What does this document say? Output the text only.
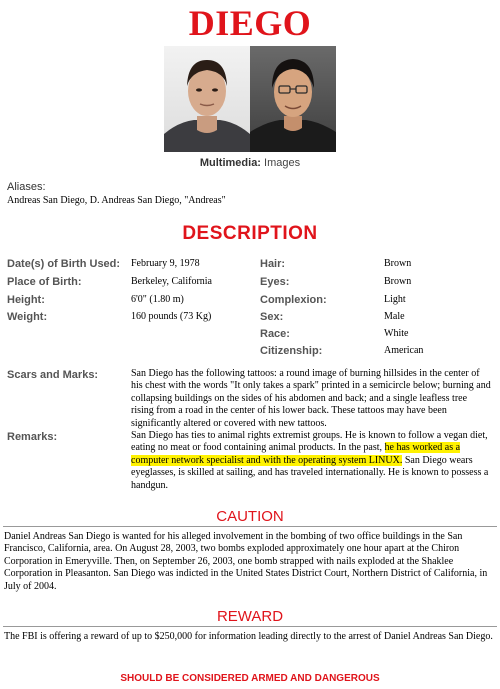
DIEGO
Multimedia: Images
Aliases:
Andreas San Diego, D. Andreas San Diego, "Andreas"
DESCRIPTION
Date(s) of Birth Used: February 9, 1978
Place of Birth:	Berkeley, California
Height:	6'0" (1.80 m)
Weight:	160 pounds (73 Kg)
Hair:	Brown
Eyes:	Brown
Complexion:	Light
Sex:	Male
Race:	White
Citizenship:	American
Scars and Marks:	San Diego has the following tattoos: a round image of burning hillsides in the center of his chest with the words "It only takes a spark" printed in a semicircle below; burning and collapsing buildings on the sides of his abdomen and back; and a single leafless tree rising from a road in the center of his lower back. These tattoos may have been significantly altered or covered with new tattoos.
Remarks:	San Diego has ties to animal rights extremist groups. He is known to follow a vegan diet, eating no meat or food containing animal products. In the past, he has worked as a computer network specialist and with the operating system LINUX. San Diego wears eyeglasses, is skilled at sailing, and has traveled internationally. He is known to possess a handgun.
CAUTION
Daniel Andreas San Diego is wanted for his alleged involvement in the bombing of two office buildings in the San Francisco, California, area. On August 28, 2003, two bombs exploded approximately one hour apart at the Chiron Corporation in Emeryville. Then, on September 26, 2003, one bomb strapped with nails exploded at the Shaklee Corporation in Pleasanton. San Diego was indicted in the United States District Court, Northern District of California, in July of 2004.
REWARD
The FBI is offering a reward of up to $250,000 for information leading directly to the arrest of Daniel Andreas San Diego.
SHOULD BE CONSIDERED ARMED AND DANGEROUS
